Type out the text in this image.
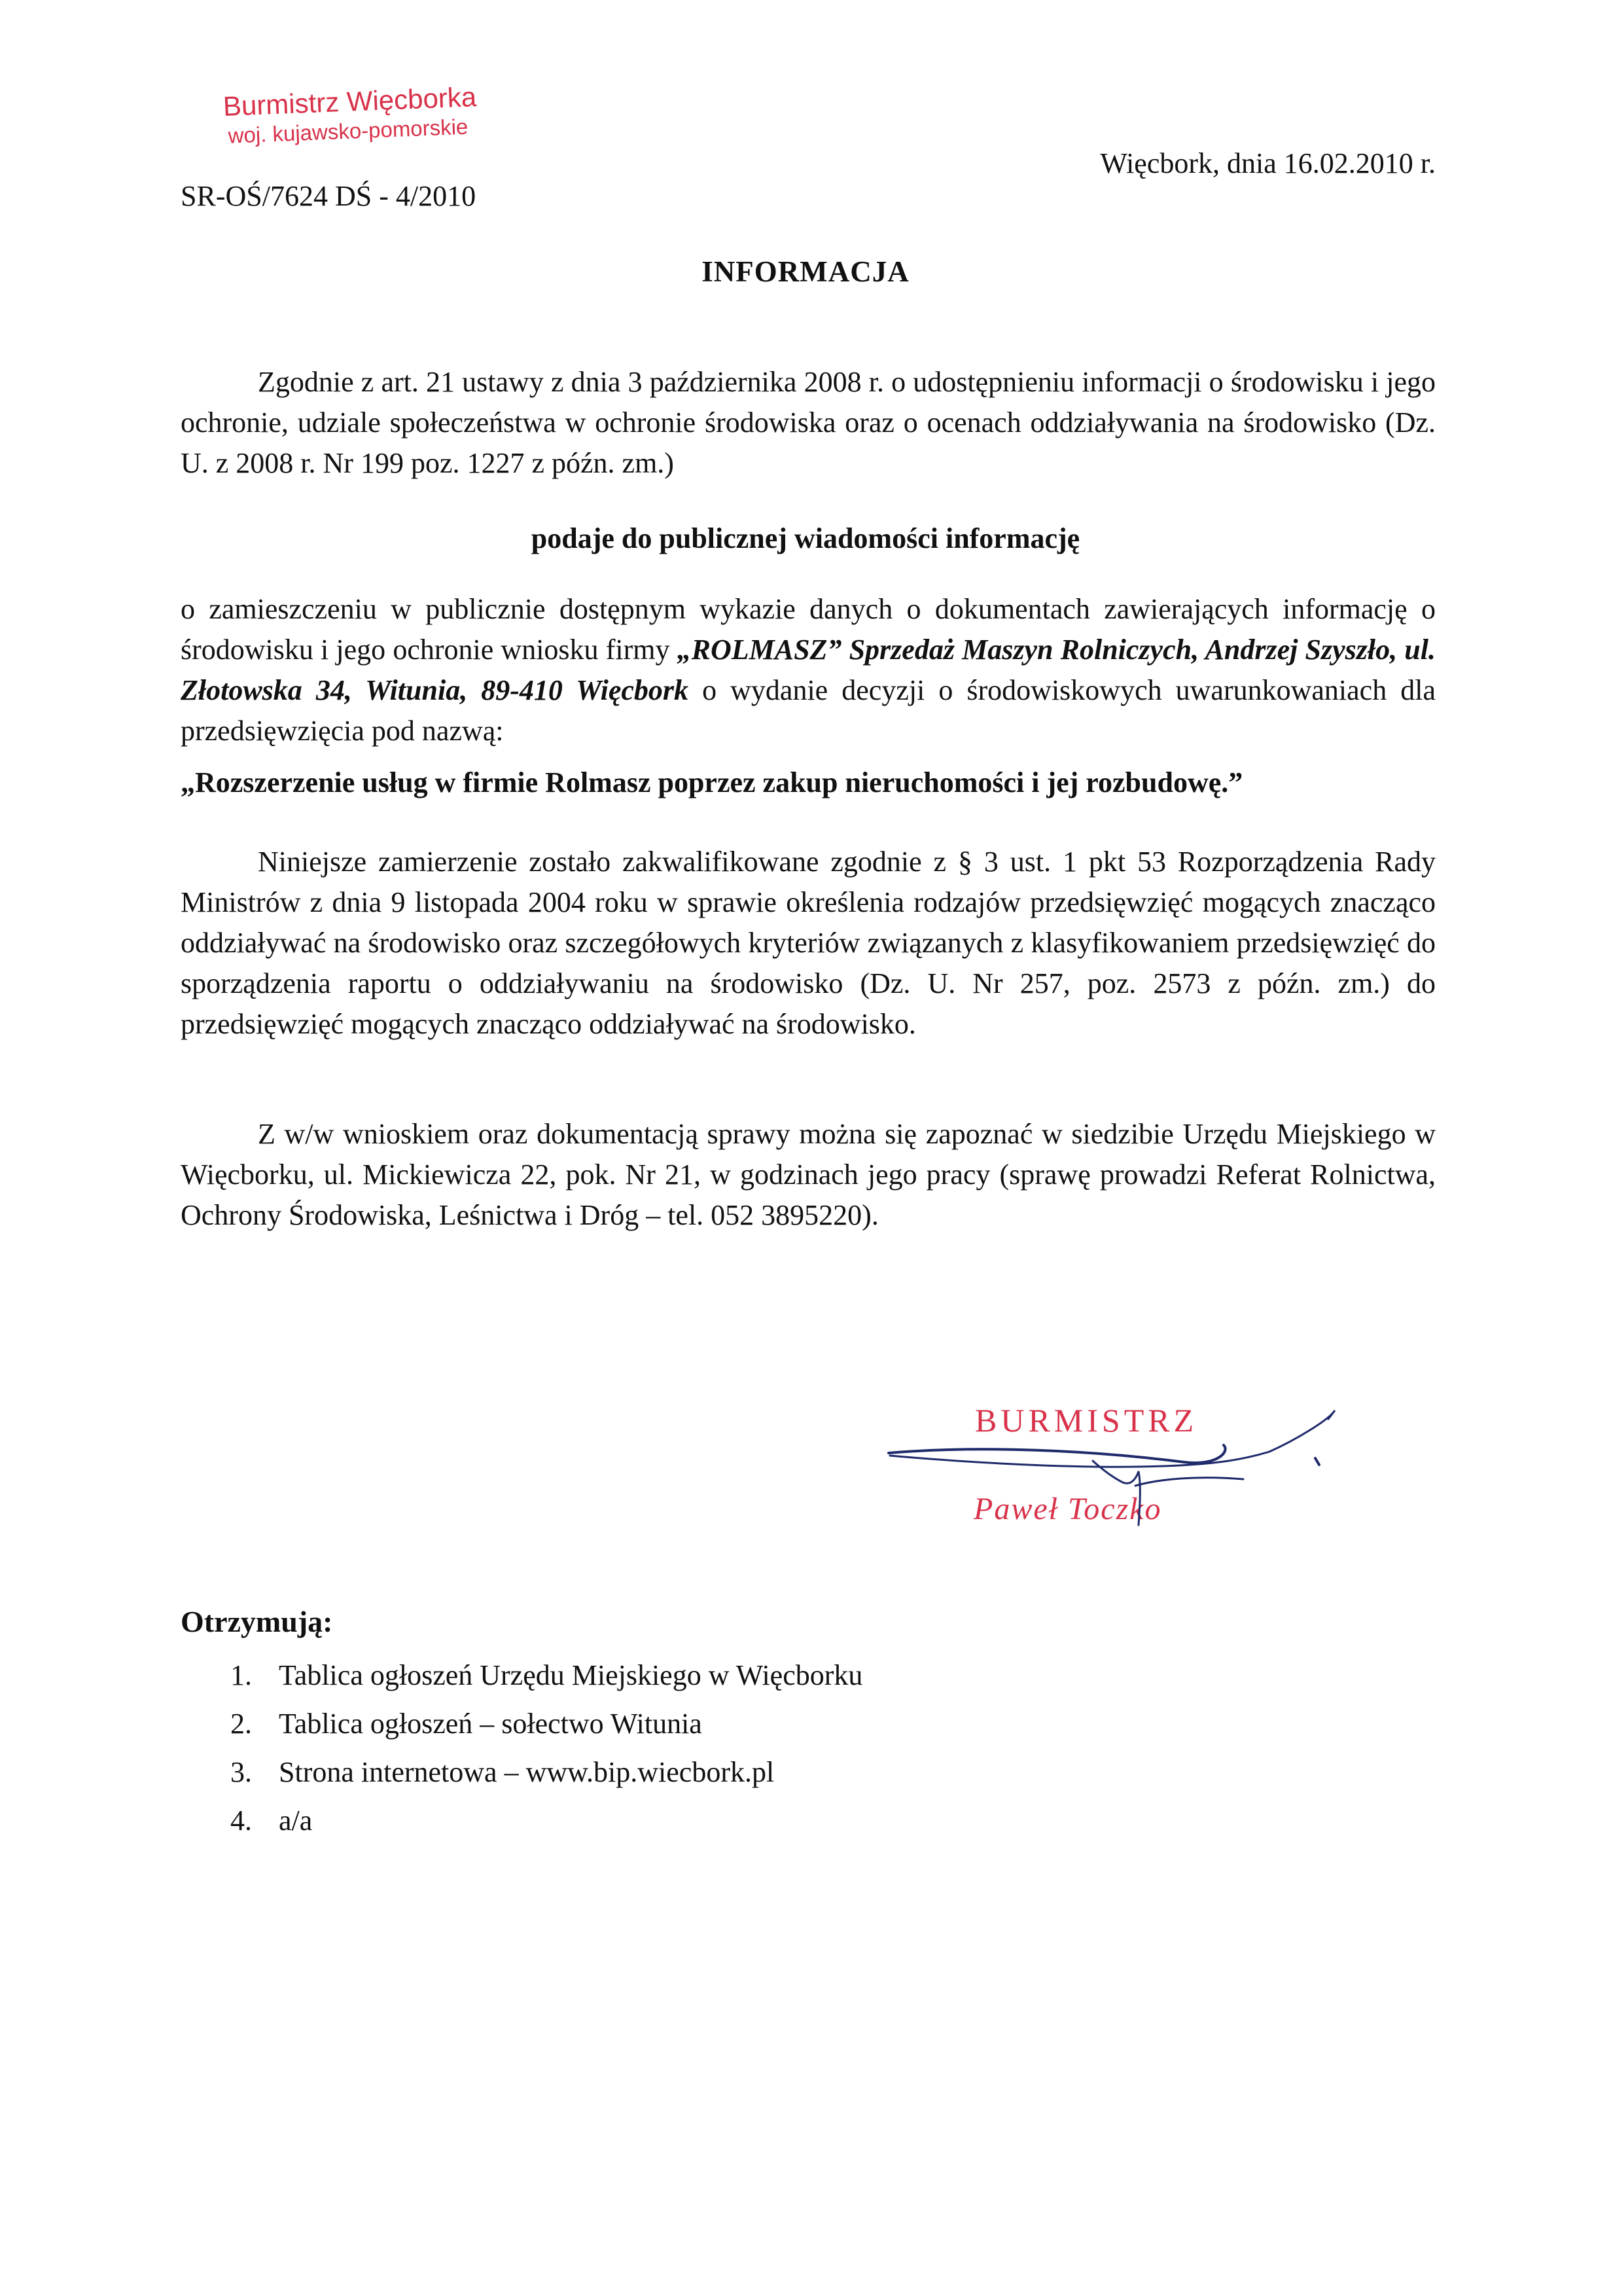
Burmistrz Więcborka
woj. kujawsko-pomorskie
SR-OŚ/7624 DŚ - 4/2010
Więcbork, dnia 16.02.2010 r.
INFORMACJA
Zgodnie z art. 21 ustawy z dnia 3 października 2008 r. o udostępnieniu informacji o środowisku i jego ochronie, udziale społeczeństwa w ochronie środowiska oraz o ocenach oddziaływania na środowisko (Dz. U. z 2008 r. Nr 199 poz. 1227 z późn. zm.)
podaje do publicznej wiadomości informację
o zamieszczeniu w publicznie dostępnym wykazie danych o dokumentach zawierających informację o środowisku i jego ochronie wniosku firmy „ROLMASZ” Sprzedaż Maszyn Rolniczych, Andrzej Szyszło, ul. Złotowska 34, Witunia, 89-410 Więcbork o wydanie decyzji o środowiskowych uwarunkowaniach dla przedsięwzięcia pod nazwą:
„Rozszerzenie usług w firmie Rolmasz poprzez zakup nieruchomości i jej rozbudowę.”
Niniejsze zamierzenie zostało zakwalifikowane zgodnie z § 3 ust. 1 pkt 53 Rozporządzenia Rady Ministrów z dnia 9 listopada 2004 roku w sprawie określenia rodzajów przedsięwzięć mogących znacząco oddziaływać na środowisko oraz szczegółowych kryteriów związanych z klasyfikowaniem przedsięwzięć do sporządzenia raportu o oddziaływaniu na środowisko (Dz. U. Nr 257, poz. 2573 z późn. zm.) do przedsięwzięć mogących znacząco oddziaływać na środowisko.
Z w/w wnioskiem oraz dokumentacją sprawy można się zapoznać w siedzibie Urzędu Miejskiego w Więcborku, ul. Mickiewicza 22, pok. Nr 21, w godzinach jego pracy (sprawę prowadzi Referat Rolnictwa, Ochrony Środowiska, Leśnictwa i Dróg – tel. 052 3895220).
BURMISTRZ
Paweł Toczko
Otrzymują:
1. Tablica ogłoszeń Urzędu Miejskiego w Więcborku
2. Tablica ogłoszeń – sołectwo Witunia
3. Strona internetowa – www.bip.wiecbork.pl
4. a/a
